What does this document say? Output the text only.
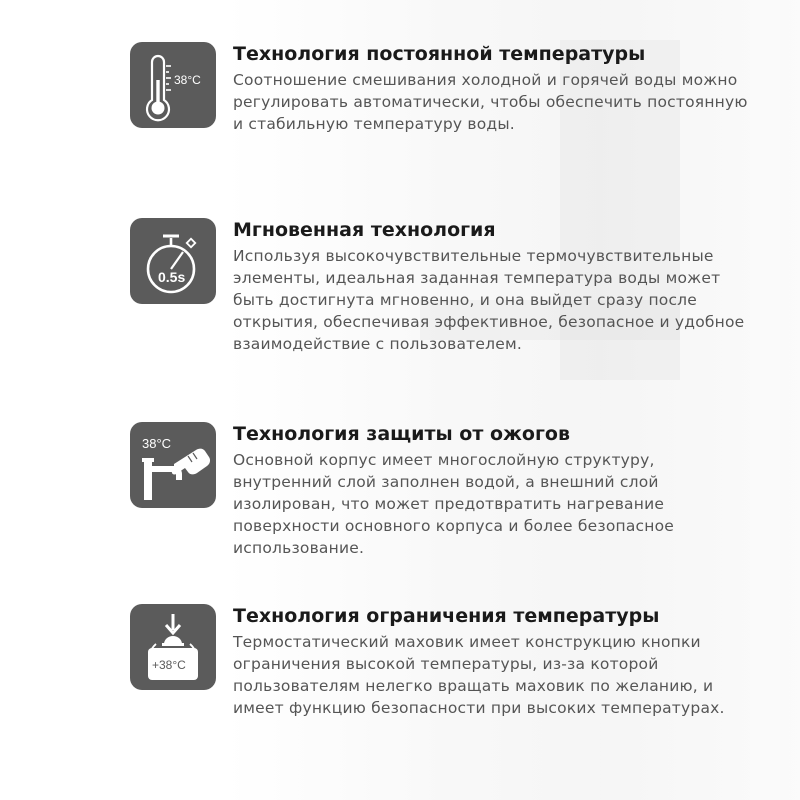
38°C
Технология постоянной температуры
Соотношение смешивания холодной и горячей воды можно регулировать автоматически, чтобы обеспечить постоянную и стабильную температуру воды.
0.5s
Мгновенная технология
Используя высокочувствительные термочувствительные элементы, идеальная заданная температура воды может быть достигнута мгновенно, и она выйдет сразу после открытия, обеспечивая эффективное, безопасное и удобное взаимодействие с пользователем.
38°C	Технология защиты от ожогов
Основной корпус имеет многослойную структуру, внутренний слой заполнен водой, а внешний слой изолирован, что может предотвратить нагревание поверхности основного корпуса и более безопасное использование.
+38°C
Технология ограничения температуры
Термостатический маховик имеет конструкцию кнопки ограничения высокой температуры, из-за которой пользователям нелегко вращать маховик по желанию, и имеет функцию безопасности при высоких температурах.
